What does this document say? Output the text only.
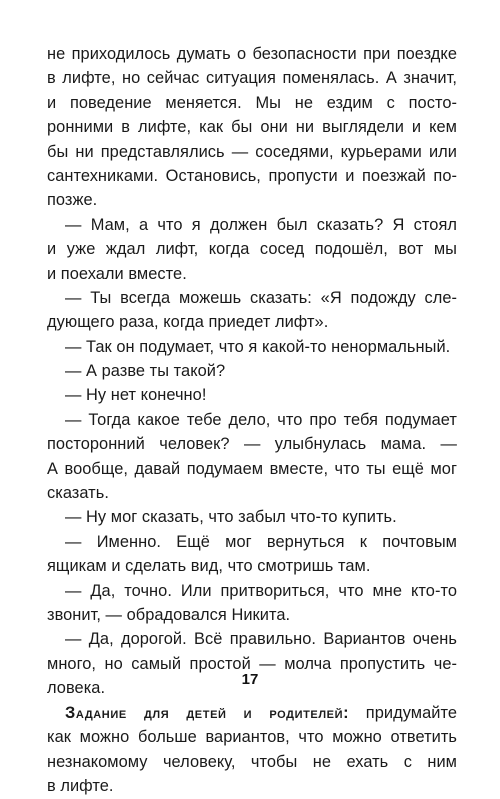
не приходилось думать о безопасности при поездке
в лифте, но сейчас ситуация поменялась. А значит,
и поведение меняется. Мы не ездим с посто-
ронними в лифте, как бы они ни выглядели и кем
бы ни представлялись — соседями, курьерами или
сантехниками. Остановись, пропусти и поезжай по-
позже.
— Мам, а что я должен был сказать? Я стоял
и уже ждал лифт, когда сосед подошёл, вот мы
и поехали вместе.
— Ты всегда можешь сказать: «Я подожду сле-
дующего раза, когда приедет лифт».
— Так он подумает, что я какой-то ненормальный.
— А разве ты такой?
— Ну нет конечно!
— Тогда какое тебе дело, что про тебя подумает
посторонний человек? — улыбнулась мама. —
А вообще, давай подумаем вместе, что ты ещё мог
сказать.
— Ну мог сказать, что забыл что-то купить.
— Именно. Ещё мог вернуться к почтовым
ящикам и сделать вид, что смотришь там.
— Да, точно. Или притвориться, что мне кто-то
звонит, — обрадовался Никита.
— Да, дорогой. Всё правильно. Вариантов очень
много, но самый простой — молча пропустить че-
ловека.
Задание для детей и родителей: придумайте
как можно больше вариантов, что можно ответить
незнакомому человеку, чтобы не ехать с ним
в лифте.
17
